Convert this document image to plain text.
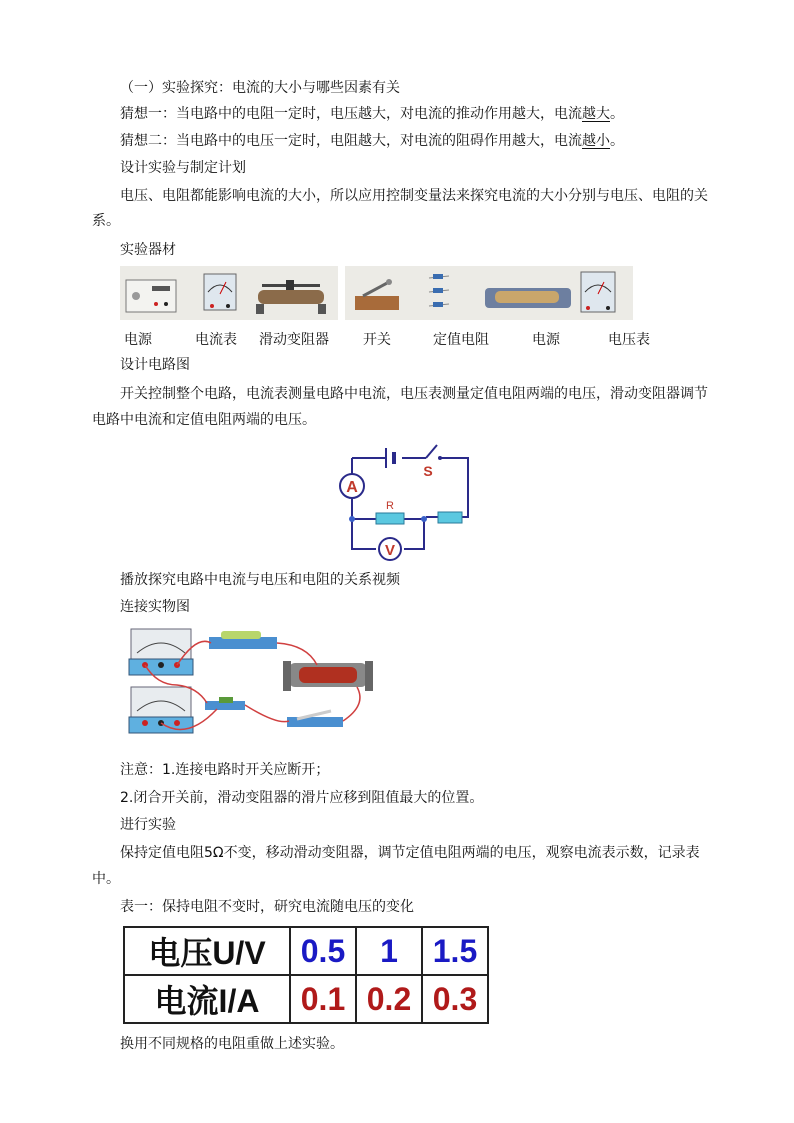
（一）实验探究：电流的大小与哪些因素有关
猜想一：当电路中的电阻一定时，电压越大，对电流的推动作用越大，电流越大。
猜想二：当电路中的电压一定时，电阻越大，对电流的阻碍作用越大，电流越小。
设计实验与制定计划
电压、电阻都能影响电流的大小，所以应用控制变量法来探究电流的大小分别与电压、电阻的关
系。
实验器材
电源	电流表 滑动变阻器 开关	定值电阻	电源	电压表
设计电路图
开关控制整个电路，电流表测量电路中电流，电压表测量定值电阻两端的电压，滑动变阻器调节
电路中电流和定值电阻两端的电压。
A
V
R
S
播放探究电路中电流与电压和电阻的关系视频
连接实物图
注意：1.连接电路时开关应断开；
2.闭合开关前，滑动变阻器的滑片应移到阻值最大的位置。
进行实验
保持定值电阻5Ω不变，移动滑动变阻器，调节定值电阻两端的电压，观察电流表示数，记录表
中。
表一：保持电阻不变时，研究电流随电压的变化
电压U/V	0.5	1	1.5
电流I/A	0.1	0.2	0.3
换用不同规格的电阻重做上述实验。
